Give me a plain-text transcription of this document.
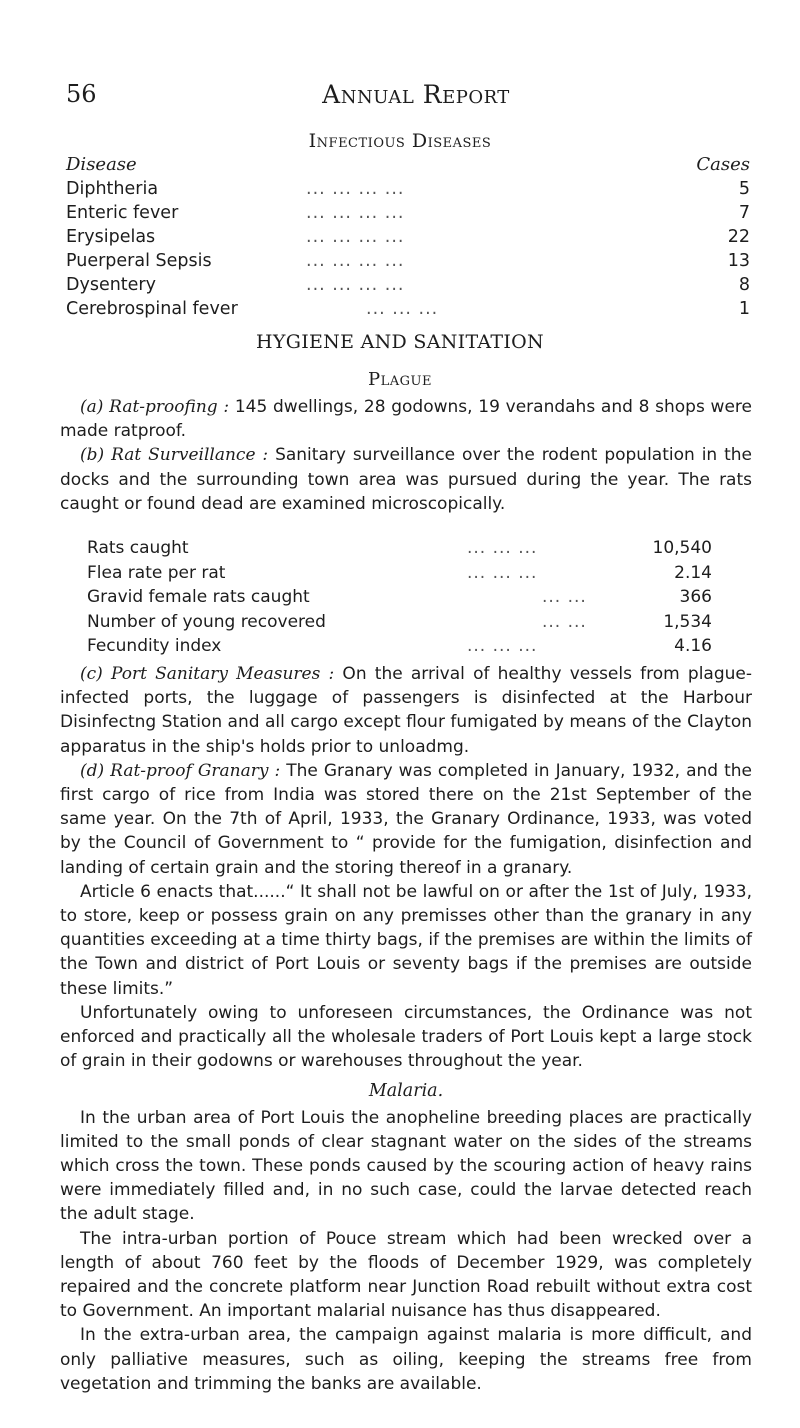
56	Annual Report
Infectious Diseases
Disease	Cases
Diphtheria	... ... ... ...	5
Enteric fever	... ... ... ...	7
Erysipelas	... ... ... ...	22
Puerperal Sepsis	... ... ... ...	13
Dysentery	... ... ... ...	8
Cerebrospinal fever	... ... ...	1
HYGIENE AND SANITATION
Plague

(a) Rat-proofing : 145 dwellings, 28 godowns, 19 verandahs and 8 shops were made ratproof.

(b) Rat Surveillance : Sanitary surveillance over the rodent population in the docks and the surrounding town area was pursued during the year. The rats caught or found dead are examined microscopically.

Rats caught	... ... ...	10,540
Flea rate per rat	... ... ...	2.14
Gravid female rats caught	... ...	366
Number of young recovered	... ...	1,534
Fecundity index	... ... ...	4.16

(c) Port Sanitary Measures : On the arrival of healthy vessels from plague-infected ports, the luggage of passengers is disinfected at the Harbour Disinfectng Station and all cargo except flour fumigated by means of the Clayton apparatus in the ship's holds prior to unloadmg.

(d) Rat-proof Granary : The Granary was completed in January, 1932, and the first cargo of rice from India was stored there on the 21st September of the same year. On the 7th of April, 1933, the Granary Ordinance, 1933, was voted by the Council of Government to “ provide for the fumigation, disinfection and landing of certain grain and the storing thereof in a granary.

Article 6 enacts that......“ It shall not be lawful on or after the 1st of July, 1933, to store, keep or possess grain on any premisses other than the granary in any quantities exceeding at a time thirty bags, if the premises are within the limits of the Town and district of Port Louis or seventy bags if the premises are outside these limits.”

Unfortunately owing to unforeseen circumstances, the Ordinance was not enforced and practically all the wholesale traders of Port Louis kept a large stock of grain in their godowns or warehouses throughout the year.

Malaria.

In the urban area of Port Louis the anopheline breeding places are practically limited to the small ponds of clear stagnant water on the sides of the streams which cross the town. These ponds caused by the scouring action of heavy rains were immediately filled and, in no such case, could the larvae detected reach the adult stage.

The intra-urban portion of Pouce stream which had been wrecked over a length of about 760 feet by the floods of December 1929, was completely repaired and the concrete platform near Junction Road rebuilt without extra cost to Government. An important malarial nuisance has thus disappeared.

In the extra-urban area, the campaign against malaria is more difficult, and only palliative measures, such as oiling, keeping the streams free from vegetation and trimming the banks are available.
